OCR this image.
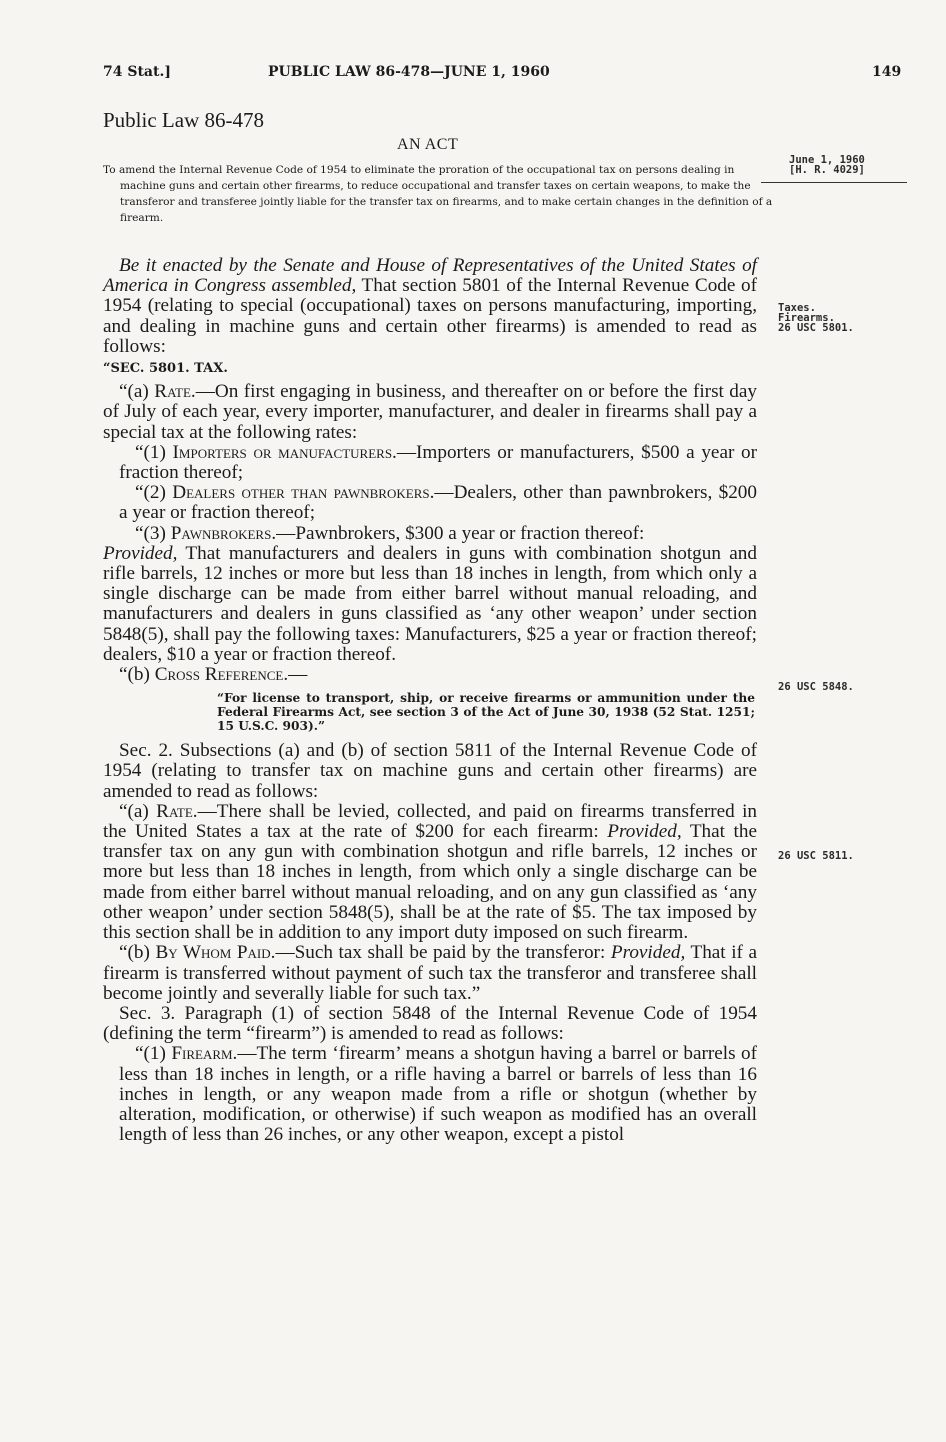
74 Stat.]	PUBLIC LAW 86-478—JUNE 1, 1960	149
Public Law 86-478
AN ACT
To amend the Internal Revenue Code of 1954 to eliminate the proration of the occupational tax on persons dealing in machine guns and certain other firearms, to reduce occupational and transfer taxes on certain weapons, to make the transferor and transferee jointly liable for the transfer tax on firearms, and to make certain changes in the definition of a firearm.
June 1, 1960
[H. R. 4029]
Taxes.
Firearms.
26 USC 5801.
26 USC 5848.
26 USC 5811.

Be it enacted by the Senate and House of Representatives of the United States of America in Congress assembled, That section 5801 of the Internal Revenue Code of 1954 (relating to special (occupational) taxes on persons manufacturing, importing, and dealing in machine guns and certain other firearms) is amended to read as follows:

“SEC. 5801. TAX.

“(a) Rate.—On first engaging in business, and thereafter on or before the first day of July of each year, every importer, manufacturer, and dealer in firearms shall pay a special tax at the following rates:

“(1) Importers or manufacturers.—Importers or manufacturers, $500 a year or fraction thereof;

“(2) Dealers other than pawnbrokers.—Dealers, other than pawnbrokers, $200 a year or fraction thereof;

“(3) Pawnbrokers.—Pawnbrokers, $300 a year or fraction thereof:

Provided, That manufacturers and dealers in guns with combination shotgun and rifle barrels, 12 inches or more but less than 18 inches in length, from which only a single discharge can be made from either barrel without manual reloading, and manufacturers and dealers in guns classified as ‘any other weapon’ under section 5848(5), shall pay the following taxes: Manufacturers, $25 a year or fraction thereof; dealers, $10 a year or fraction thereof.

“(b) Cross Reference.—

“For license to transport, ship, or receive firearms or ammunition under the Federal Firearms Act, see section 3 of the Act of June 30, 1938 (52 Stat. 1251; 15 U.S.C. 903).”

Sec. 2. Subsections (a) and (b) of section 5811 of the Internal Revenue Code of 1954 (relating to transfer tax on machine guns and certain other firearms) are amended to read as follows:

“(a) Rate.—There shall be levied, collected, and paid on firearms transferred in the United States a tax at the rate of $200 for each firearm: Provided, That the transfer tax on any gun with combination shotgun and rifle barrels, 12 inches or more but less than 18 inches in length, from which only a single discharge can be made from either barrel without manual reloading, and on any gun classified as ‘any other weapon’ under section 5848(5), shall be at the rate of $5. The tax imposed by this section shall be in addition to any import duty imposed on such firearm.

“(b) By Whom Paid.—Such tax shall be paid by the transferor: Provided, That if a firearm is transferred without payment of such tax the transferor and transferee shall become jointly and severally liable for such tax.”

Sec. 3. Paragraph (1) of section 5848 of the Internal Revenue Code of 1954 (defining the term “firearm”) is amended to read as follows:

“(1) Firearm.—The term ‘firearm’ means a shotgun having a barrel or barrels of less than 18 inches in length, or a rifle having a barrel or barrels of less than 16 inches in length, or any weapon made from a rifle or shotgun (whether by alteration, modification, or otherwise) if such weapon as modified has an overall length of less than 26 inches, or any other weapon, except a pistol
